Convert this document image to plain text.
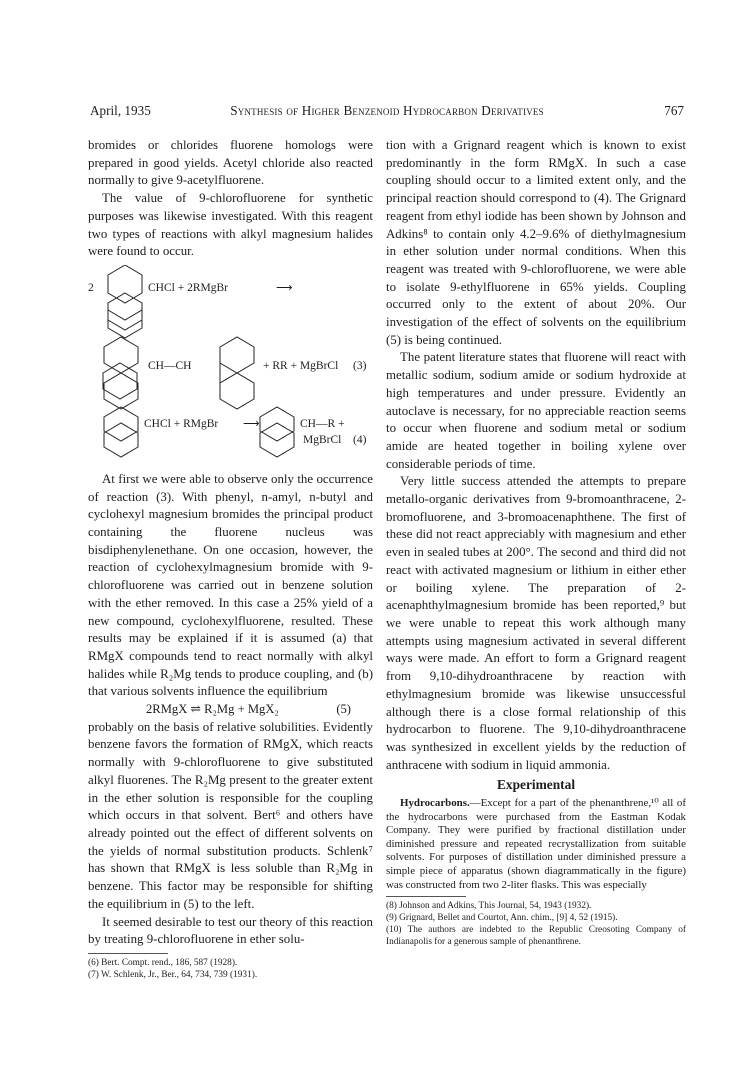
April, 1935	Synthesis of Higher Benzenoid Hydrocarbon Derivatives	767

bromides or chlorides fluorene homologs were prepared in good yields. Acetyl chloride also reacted normally to give 9-acetylfluorene.

The value of 9-chlorofluorene for synthetic purposes was likewise investigated. With this reagent two types of reactions with alkyl magnesium halides were found to occur.

2	CHCl + 2RMgBr	⟶
CH—CH	+ RR + MgBrCl (3)
CHCl + RMgBr ⟶	CH—R +
MgBrCl (4)

At first we were able to observe only the occurrence of reaction (3). With phenyl, n-amyl, n-butyl and cyclohexyl magnesium bromides the principal product containing the fluorene nucleus was bisdiphenylenethane. On one occasion, however, the reaction of cyclohexylmagnesium bromide with 9-chlorofluorene was carried out in benzene solution with the ether removed. In this case a 25% yield of a new compound, cyclohexylfluorene, resulted. These results may be explained if it is assumed (a) that RMgX compounds tend to react normally with alkyl halides while R₂Mg tends to produce coupling, and (b) that various solvents influence the equilibrium

2RMgX ⇌ R₂Mg + MgX₂	(5)

probably on the basis of relative solubilities. Evidently benzene favors the formation of RMgX, which reacts normally with 9-chlorofluorene to give substituted alkyl fluorenes. The R₂Mg present to the greater extent in the ether solution is responsible for the coupling which occurs in that solvent. Bert⁶ and others have already pointed out the effect of different solvents on the yields of normal substitution products. Schlenk⁷ has shown that RMgX is less soluble than R₂Mg in benzene. This factor may be responsible for shifting the equilibrium in (5) to the left.

It seemed desirable to test our theory of this reaction by treating 9-chlorofluorene in ether solu-

(6) Bert. Compt. rend., 186, 587 (1928).
(7) W. Schlenk, Jr., Ber., 64, 734, 739 (1931).

tion with a Grignard reagent which is known to exist predominantly in the form RMgX. In such a case coupling should occur to a limited extent only, and the principal reaction should correspond to (4). The Grignard reagent from ethyl iodide has been shown by Johnson and Adkins⁸ to contain only 4.2–9.6% of diethylmagnesium in ether solution under normal conditions. When this reagent was treated with 9-chlorofluorene, we were able to isolate 9-ethylfluorene in 65% yields. Coupling occurred only to the extent of about 20%. Our investigation of the effect of solvents on the equilibrium (5) is being continued.

The patent literature states that fluorene will react with metallic sodium, sodium amide or sodium hydroxide at high temperatures and under pressure. Evidently an autoclave is necessary, for no appreciable reaction seems to occur when fluorene and sodium metal or sodium amide are heated together in boiling xylene over considerable periods of time.

Very little success attended the attempts to prepare metallo-organic derivatives from 9-bromoanthracene, 2-bromofluorene, and 3-bromoacenaphthene. The first of these did not react appreciably with magnesium and ether even in sealed tubes at 200°. The second and third did not react with activated magnesium or lithium in either ether or boiling xylene. The preparation of 2-acenaphthylmagnesium bromide has been reported,⁹ but we were unable to repeat this work although many attempts using magnesium activated in several different ways were made. An effort to form a Grignard reagent from 9,10-dihydroanthracene by reaction with ethylmagnesium bromide was likewise unsuccessful although there is a close formal relationship of this hydrocarbon to fluorene. The 9,10-dihydroanthracene was synthesized in excellent yields by the reduction of anthracene with sodium in liquid ammonia.

Experimental

Hydrocarbons.—Except for a part of the phenanthrene,¹⁰ all of the hydrocarbons were purchased from the Eastman Kodak Company. They were purified by fractional distillation under diminished pressure and repeated recrystallization from suitable solvents. For purposes of distillation under diminished pressure a simple piece of apparatus (shown diagrammatically in the figure) was constructed from two 2-liter flasks. This was especially

(8) Johnson and Adkins, This Journal, 54, 1943 (1932).
(9) Grignard, Bellet and Courtot, Ann. chim., [9] 4, 52 (1915).
(10) The authors are indebted to the Republic Creosoting Company of Indianapolis for a generous sample of phenanthrene.
